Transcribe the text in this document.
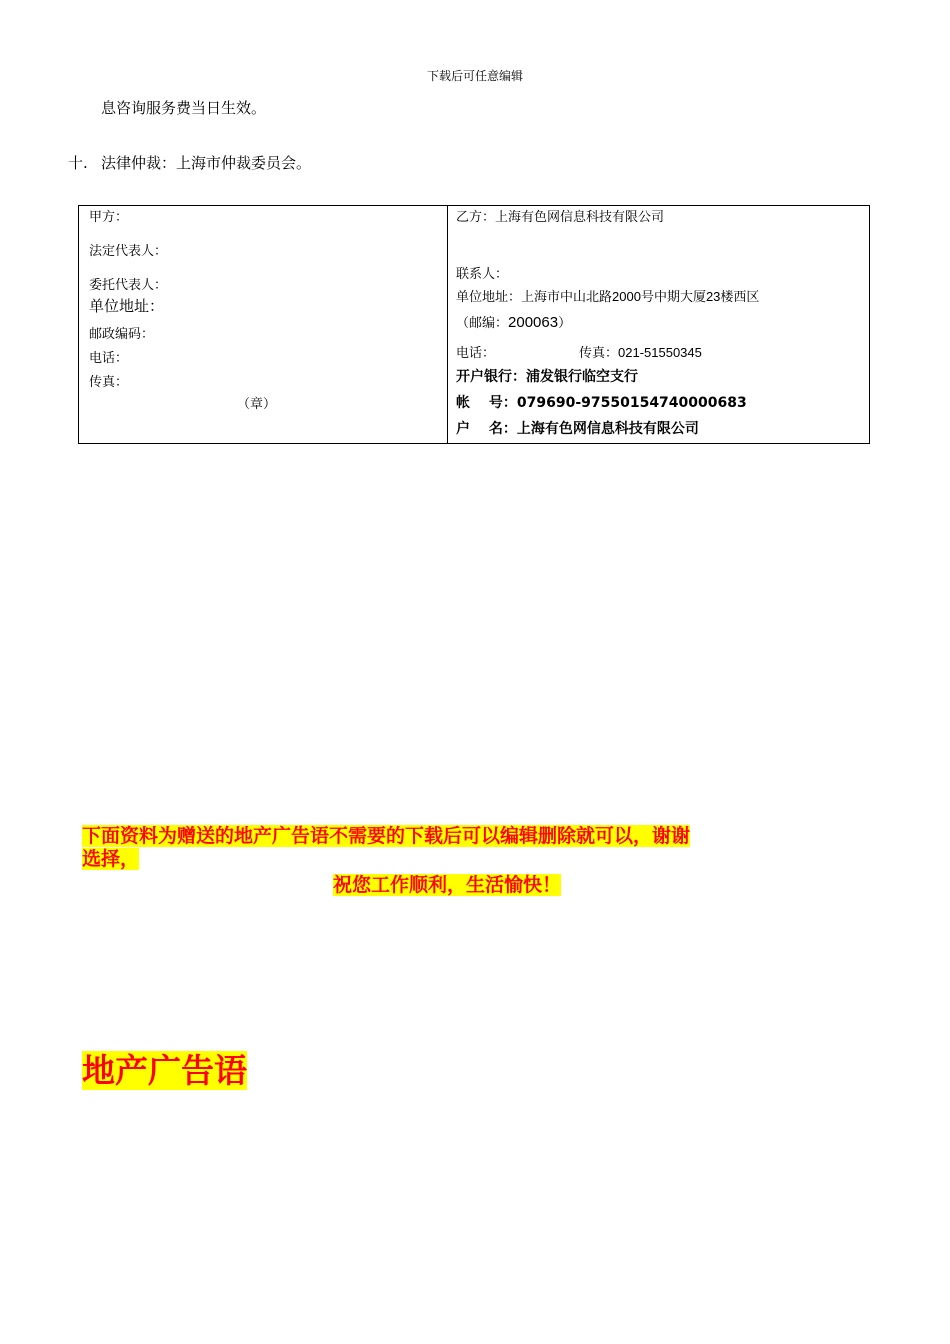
下载后可任意编辑
息咨询服务费当日生效。
十. 法律仲裁：上海市仲裁委员会。
甲方：
法定代表人：
委托代表人：
单位地址：
邮政编码：
电话：
传真：
（章）
乙方：上海有色网信息科技有限公司
联系人：
单位地址：上海市中山北路2000号中期大厦23楼西区
（邮编：200063）
电话：	传真：021-51550345
开户银行：浦发银行临空支行
帐　 号：079690-97550154740000683
户　 名：上海有色网信息科技有限公司
下面资料为赠送的地产广告语不需要的下载后可以编辑删除就可以，谢谢
选择，
祝您工作顺利，生活愉快！
地产广告语
